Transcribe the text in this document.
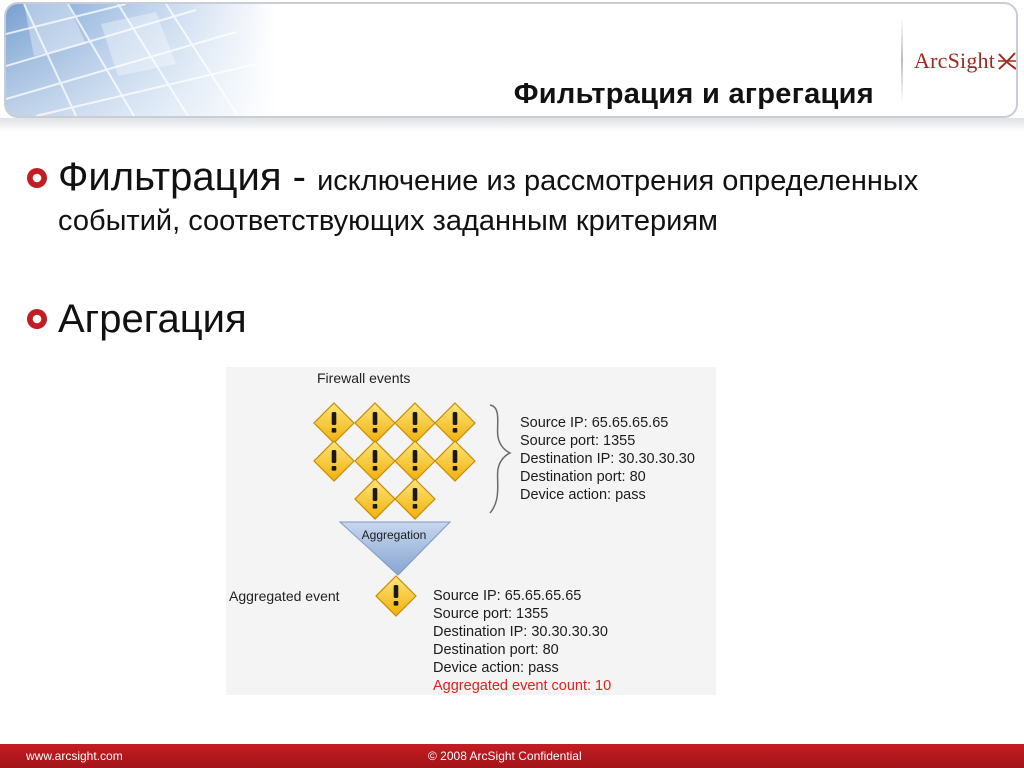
ArcSight
Фильтрация и агрегация
Фильтрация - исключение из рассмотрения определенных событий, соответствующих заданным критериям
Агрегация
Firewall events
Aggregation
Aggregated event
Source IP: 65.65.65.65
Source port: 1355
Destination IP: 30.30.30.30
Destination port: 80
Device action: pass
Source IP: 65.65.65.65
Source port: 1355
Destination IP: 30.30.30.30
Destination port: 80
Device action: pass
Aggregated event count: 10
www.arcsight.com	© 2008 ArcSight Confidential
